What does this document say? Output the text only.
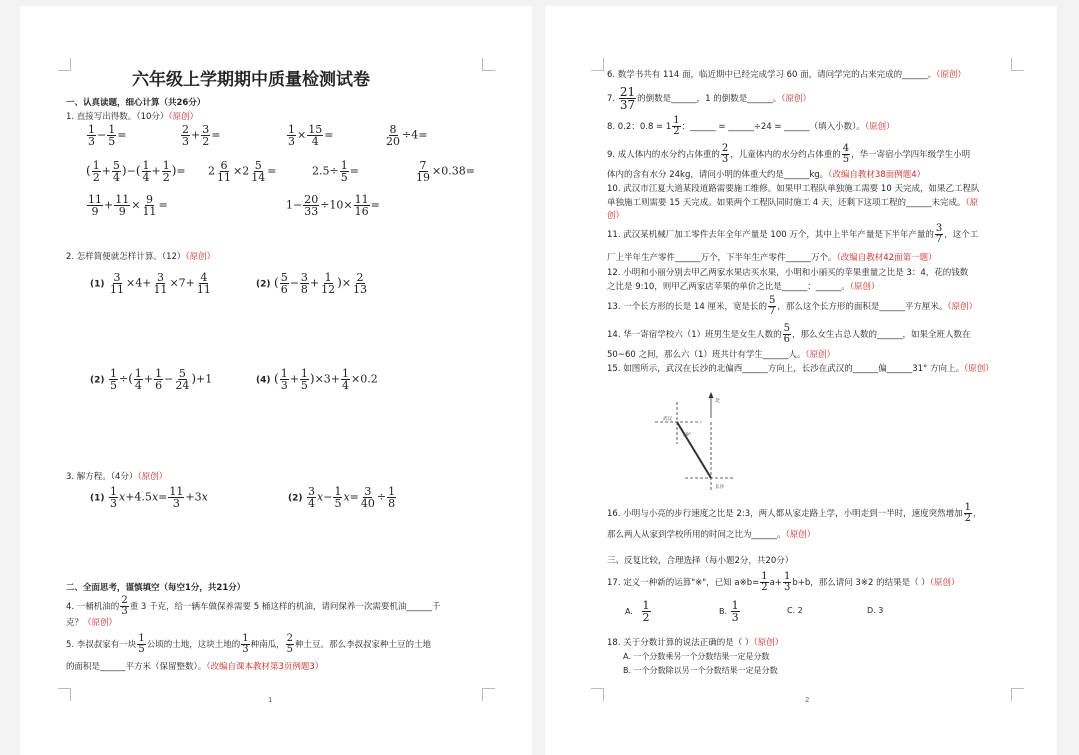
六年级上学期期中质量检测试卷
一、认真读题，细心计算（共26分）
1. 直接写出得数。（10分）（原创）
$\frac{1}{3} - \frac{1}{5}$ =	$\frac{2}{3} + \frac{3}{2}$ =	$\frac{1}{3} \times \frac{15}{4}$ =	$\frac{8}{20} \div 4=$
( $\frac{1}{2} + \frac{5}{4}$ )−( $\frac{1}{4} + \frac{1}{2}$ )= $2 \frac{6}{11} \times 2 \frac{5}{14}$ =	$2.5\div \frac{1}{5}$ =	$\frac{7}{19} \times 0.38=$
$\frac{11}{9} + \frac{11}{9} \times \frac{9}{11}$ =	$1- \frac{20}{33} \div 10\times \frac{11}{16}$ =
2. 怎样简便就怎样计算。（12）（原创）
$(1) \frac{3}{11} \times 4+ \frac{3}{11} \times 7+ \frac{4}{11}$	(2) ( $\frac{5}{6} - \frac{3}{8} + \frac{1}{12}$ )× $\frac{2}{13}$
$(2) \frac{1}{5}$ ÷( $\frac{1}{4} + \frac{1}{6} - \frac{5}{24} )+1$	(4) ( $\frac{1}{3} + \frac{1}{5} )\times 3+ \frac{1}{4} \times 0.2$
3. 解方程。（4分）（原创）
$(1) \frac{1}{3} x+4.5x= \frac{11}{3} +3x$	$(2) \frac{3}{4} x- \frac{1}{5} x= \frac{3}{40} \div \frac{1}{8}$
二、全面思考，谨慎填空（每空1分，共21分）
4. 一桶机油的 $\frac{2}{3}$ 重 3 千克，给一辆车做保养需要 5 桶这样的机油，请问保养一次需要机油______千
克？（原创）
5. 李叔叔家有一块 $\frac{1}{5}$ 公顷的土地，这块土地的 $\frac{1}{3}$ 种南瓜， $\frac{2}{5}$ 种土豆。那么李叔叔家种土豆的土地
的面积是______平方米（保留整数）。（改编自课本教材第3页例题3）
1
6. 数学书共有 114 面，临近期中已经完成学习 60 面，请问学完的占来完成的______。（原创）
7. $\frac{21}{37}$ 的倒数是______，1 的倒数是______。（原创）
8. 0.2：$0.8 = 1 \frac{1}{2}$ ：______ = ______÷24 = ______（填入小数）。（原创）
9. 成人体内的水分约占体重的 $\frac{2}{3}$ ，儿童体内的水分约占体重的 $\frac{4}{5}$ ，华一寄宿小学四年级学生小明
体内的含有水分 24kg，请问小明的体重大约是______kg。（改编自教材38面例题4）
10. 武汉市江夏大道某段道路需要施工维修。如果甲工程队单独施工需要 10 天完成，如果乙工程队
单独施工则需要 15 天完成。如果两个工程队同时施工 4 天，还剩下这项工程的______未完成。（原
创）
11. 武汉某机械厂加工零件去年全年产量是 100 万个，其中上半年产量是下半年产量的 $\frac{3}{7}$ ，这个工
厂上半年生产零件______万个，下半年生产零件______万个。（改编自教材42面第一题）
12. 小明和小丽分别去甲乙两家水果店买水果，小明和小丽买的苹果重量之比是 3：4，花的钱数
之比是 9:10，则甲乙两家店苹果的单价之比是______：______。（原创）
13. 一个长方形的长是 14 厘米，宽是长的 $\frac{5}{7}$ ，那么这个长方形的面积是______平方厘米。（原创）
14. 华一寄宿学校六（1）班男生是女生人数的 $\frac{5}{6}$ ，那么女生占总人数的______，如果全班人数在
50~60 之间，那么六（1）班共计有学生______人。（原创）
15. 如图所示，武汉在长沙的北偏西______方向上，长沙在武汉的______偏______31° 方向上。（原创）
北
武汉
长沙
59°
16. 小明与小亮的步行速度之比是 2:3，两人都从家走路上学，小明走到一半时，速度突然增加 $\frac{1}{2}$ ，
那么两人从家到学校所用的时间之比为______。（原创）
三、反复比较，合理选择（每小题2分，共20分）
17. 定义一种新的运算"※"，已知 a※b= $\frac{1}{2} a+ \frac{1}{3} b+b$，那么请问 3※2 的结果是（ ）（原创）
A. $\frac{1}{2}$	B. $\frac{1}{3}$	C. 2	D. 3
18. 关于分数计算的说法正确的是（ ）（原创）
A. 一个分数乘另一个分数结果一定是分数
B. 一个分数除以另一个分数结果一定是分数
2
